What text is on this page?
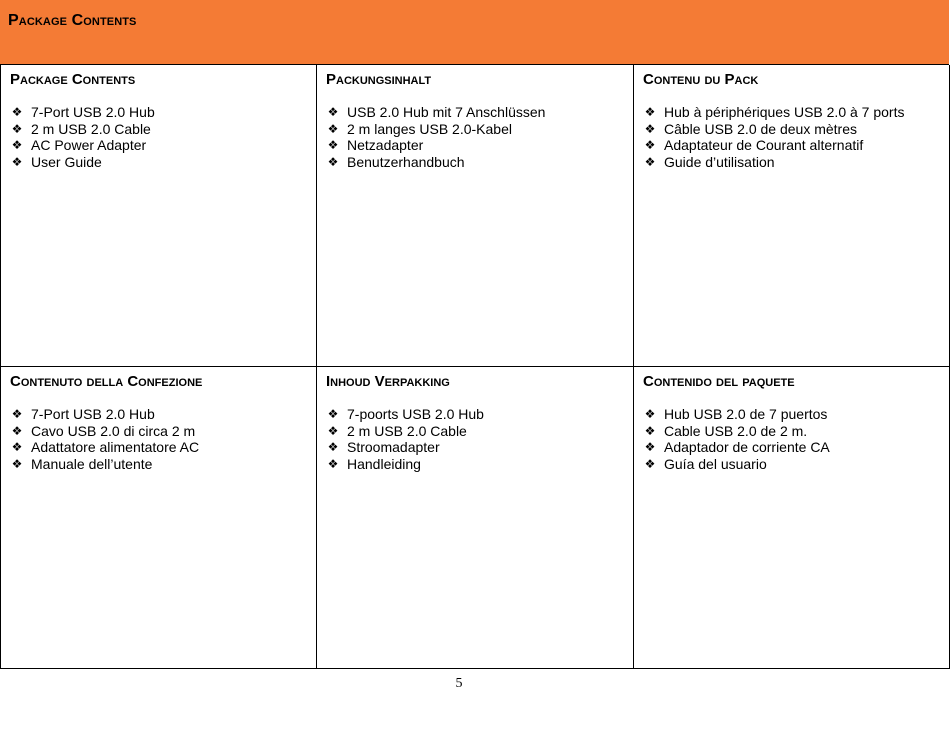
Package Contents
Package Contents
❖ 7-Port USB 2.0 Hub
❖ 2 m USB 2.0 Cable
❖ AC Power Adapter
❖ User Guide
Packungsinhalt
❖ USB 2.0 Hub mit 7 Anschlüssen
❖ 2 m langes USB 2.0-Kabel
❖ Netzadapter
❖ Benutzerhandbuch
Contenu du Pack
❖ Hub à périphériques USB 2.0 à 7 ports
❖ Câble USB 2.0 de deux mètres
❖ Adaptateur de Courant alternatif
❖ Guide d’utilisation
Contenuto della Confezione
❖ 7-Port USB 2.0 Hub
❖ Cavo USB 2.0 di circa 2 m
❖ Adattatore alimentatore AC
❖ Manuale dell’utente
Inhoud Verpakking
❖ 7-poorts USB 2.0 Hub
❖ 2 m USB 2.0 Cable
❖ Stroomadapter
❖ Handleiding
Contenido del paquete
❖ Hub USB 2.0 de 7 puertos
❖ Cable USB 2.0 de 2 m.
❖ Adaptador de corriente CA
❖ Guía del usuario
5
